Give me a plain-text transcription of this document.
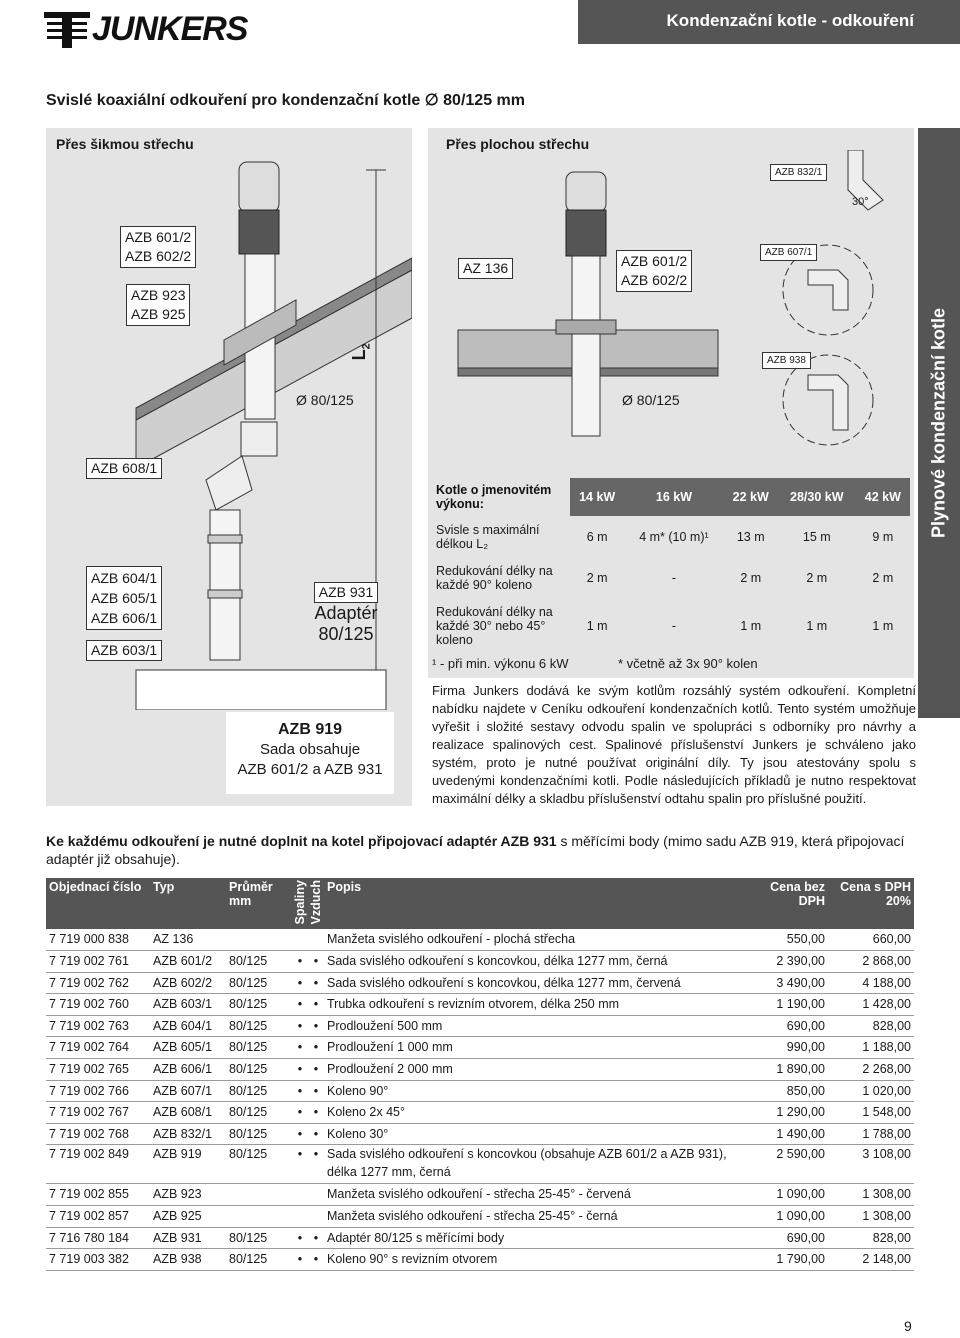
Kondenzační kotle - odkouření
JUNKERS
Svislé koaxiální odkouření pro kondenzační kotle ∅ 80/125 mm
Plynové kondenzační kotle
Přes šikmou střechu
$L_2$
AZB 601/2
AZB 602/2
AZB 923
AZB 925
Ø 80/125
AZB 608/1
AZB 604/1
AZB 605/1
AZB 606/1
AZB 603/1
AZB 931
Adaptér
80/125
AZB 919
Sada obsahuje
AZB 601/2 a AZB 931
Přes plochou střechu
AZ 136	AZB 601/2
AZB 602/2
AZB 832/1
30°
AZB 607/1
AZB 938
Ø 80/125
Kotle o jmenovitém výkonu:	14 kW	16 kW	22 kW	28/30 kW	42 kW
Svisle s maximální délkou L₂	6 m	4 m* (10 m)¹	13 m	15 m	9 m
Redukování délky na každé 90° koleno	2 m	-	2 m	2 m	2 m
Redukování délky na každé 30° nebo 45° koleno	1 m	-	1 m	1 m	1 m
¹ - při min. výkonu 6 kW	* včetně až 3x 90° kolen
Firma Junkers dodává ke svým kotlům rozsáhlý systém odkouření. Kompletní nabídku najdete v Ceníku odkouření kondenzačních kotlů. Tento systém umožňuje vyřešit i složité sestavy odvodu spalin ve spolupráci s odborníky pro návrhy a realizace spalinových cest. Spalinové příslušenství Junkers je schváleno jako systém, proto je nutné používat originální díly. Ty jsou atestovány spolu s uvedenými kondenzačními kotli. Podle následujících příkladů je nutno respektovat maximální délky a skladbu příslušenství odtahu spalin pro příslušné použití.
Ke každému odkouření je nutné doplnit na kotel připojovací adaptér AZB 931 s měřícími body (mimo sadu AZB 919, která připojovací adaptér již obsahuje).
Objednací číslo	Typ	Průměr mm	Spaliny	Vzduch	Popis	Cena bez DPH	Cena s DPH 20%
7 719 000 838	AZ 136				Manžeta svislého odkouření - plochá střecha	550,00	660,00
7 719 002 761	AZB 601/2	80/125	•	•	Sada svislého odkouření s koncovkou, délka 1277 mm, černá	2 390,00	2 868,00
7 719 002 762	AZB 602/2	80/125	•	•	Sada svislého odkouření s koncovkou, délka 1277 mm, červená	3 490,00	4 188,00
7 719 002 760	AZB 603/1	80/125	•	•	Trubka odkouření s revizním otvorem, délka 250 mm	1 190,00	1 428,00
7 719 002 763	AZB 604/1	80/125	•	•	Prodloužení 500 mm	690,00	828,00
7 719 002 764	AZB 605/1	80/125	•	•	Prodloužení 1 000 mm	990,00	1 188,00
7 719 002 765	AZB 606/1	80/125	•	•	Prodloužení 2 000 mm	1 890,00	2 268,00
7 719 002 766	AZB 607/1	80/125	•	•	Koleno 90°	850,00	1 020,00
7 719 002 767	AZB 608/1	80/125	•	•	Koleno 2x 45°	1 290,00	1 548,00
7 719 002 768	AZB 832/1	80/125	•	•	Koleno 30°	1 490,00	1 788,00
7 719 002 849	AZB 919	80/125	•	•	Sada svislého odkouření s koncovkou (obsahuje AZB 601/2 a AZB 931), délka 1277 mm, černá	2 590,00	3 108,00
7 719 002 855	AZB 923				Manžeta svislého odkouření - střecha 25-45° - červená	1 090,00	1 308,00
7 719 002 857	AZB 925				Manžeta svislého odkouření - střecha 25-45° - černá	1 090,00	1 308,00
7 716 780 184	AZB 931	80/125	•	•	Adaptér 80/125 s měřícími body	690,00	828,00
7 719 003 382	AZB 938	80/125	•	•	Koleno 90° s revizním otvorem	1 790,00	2 148,00
9
